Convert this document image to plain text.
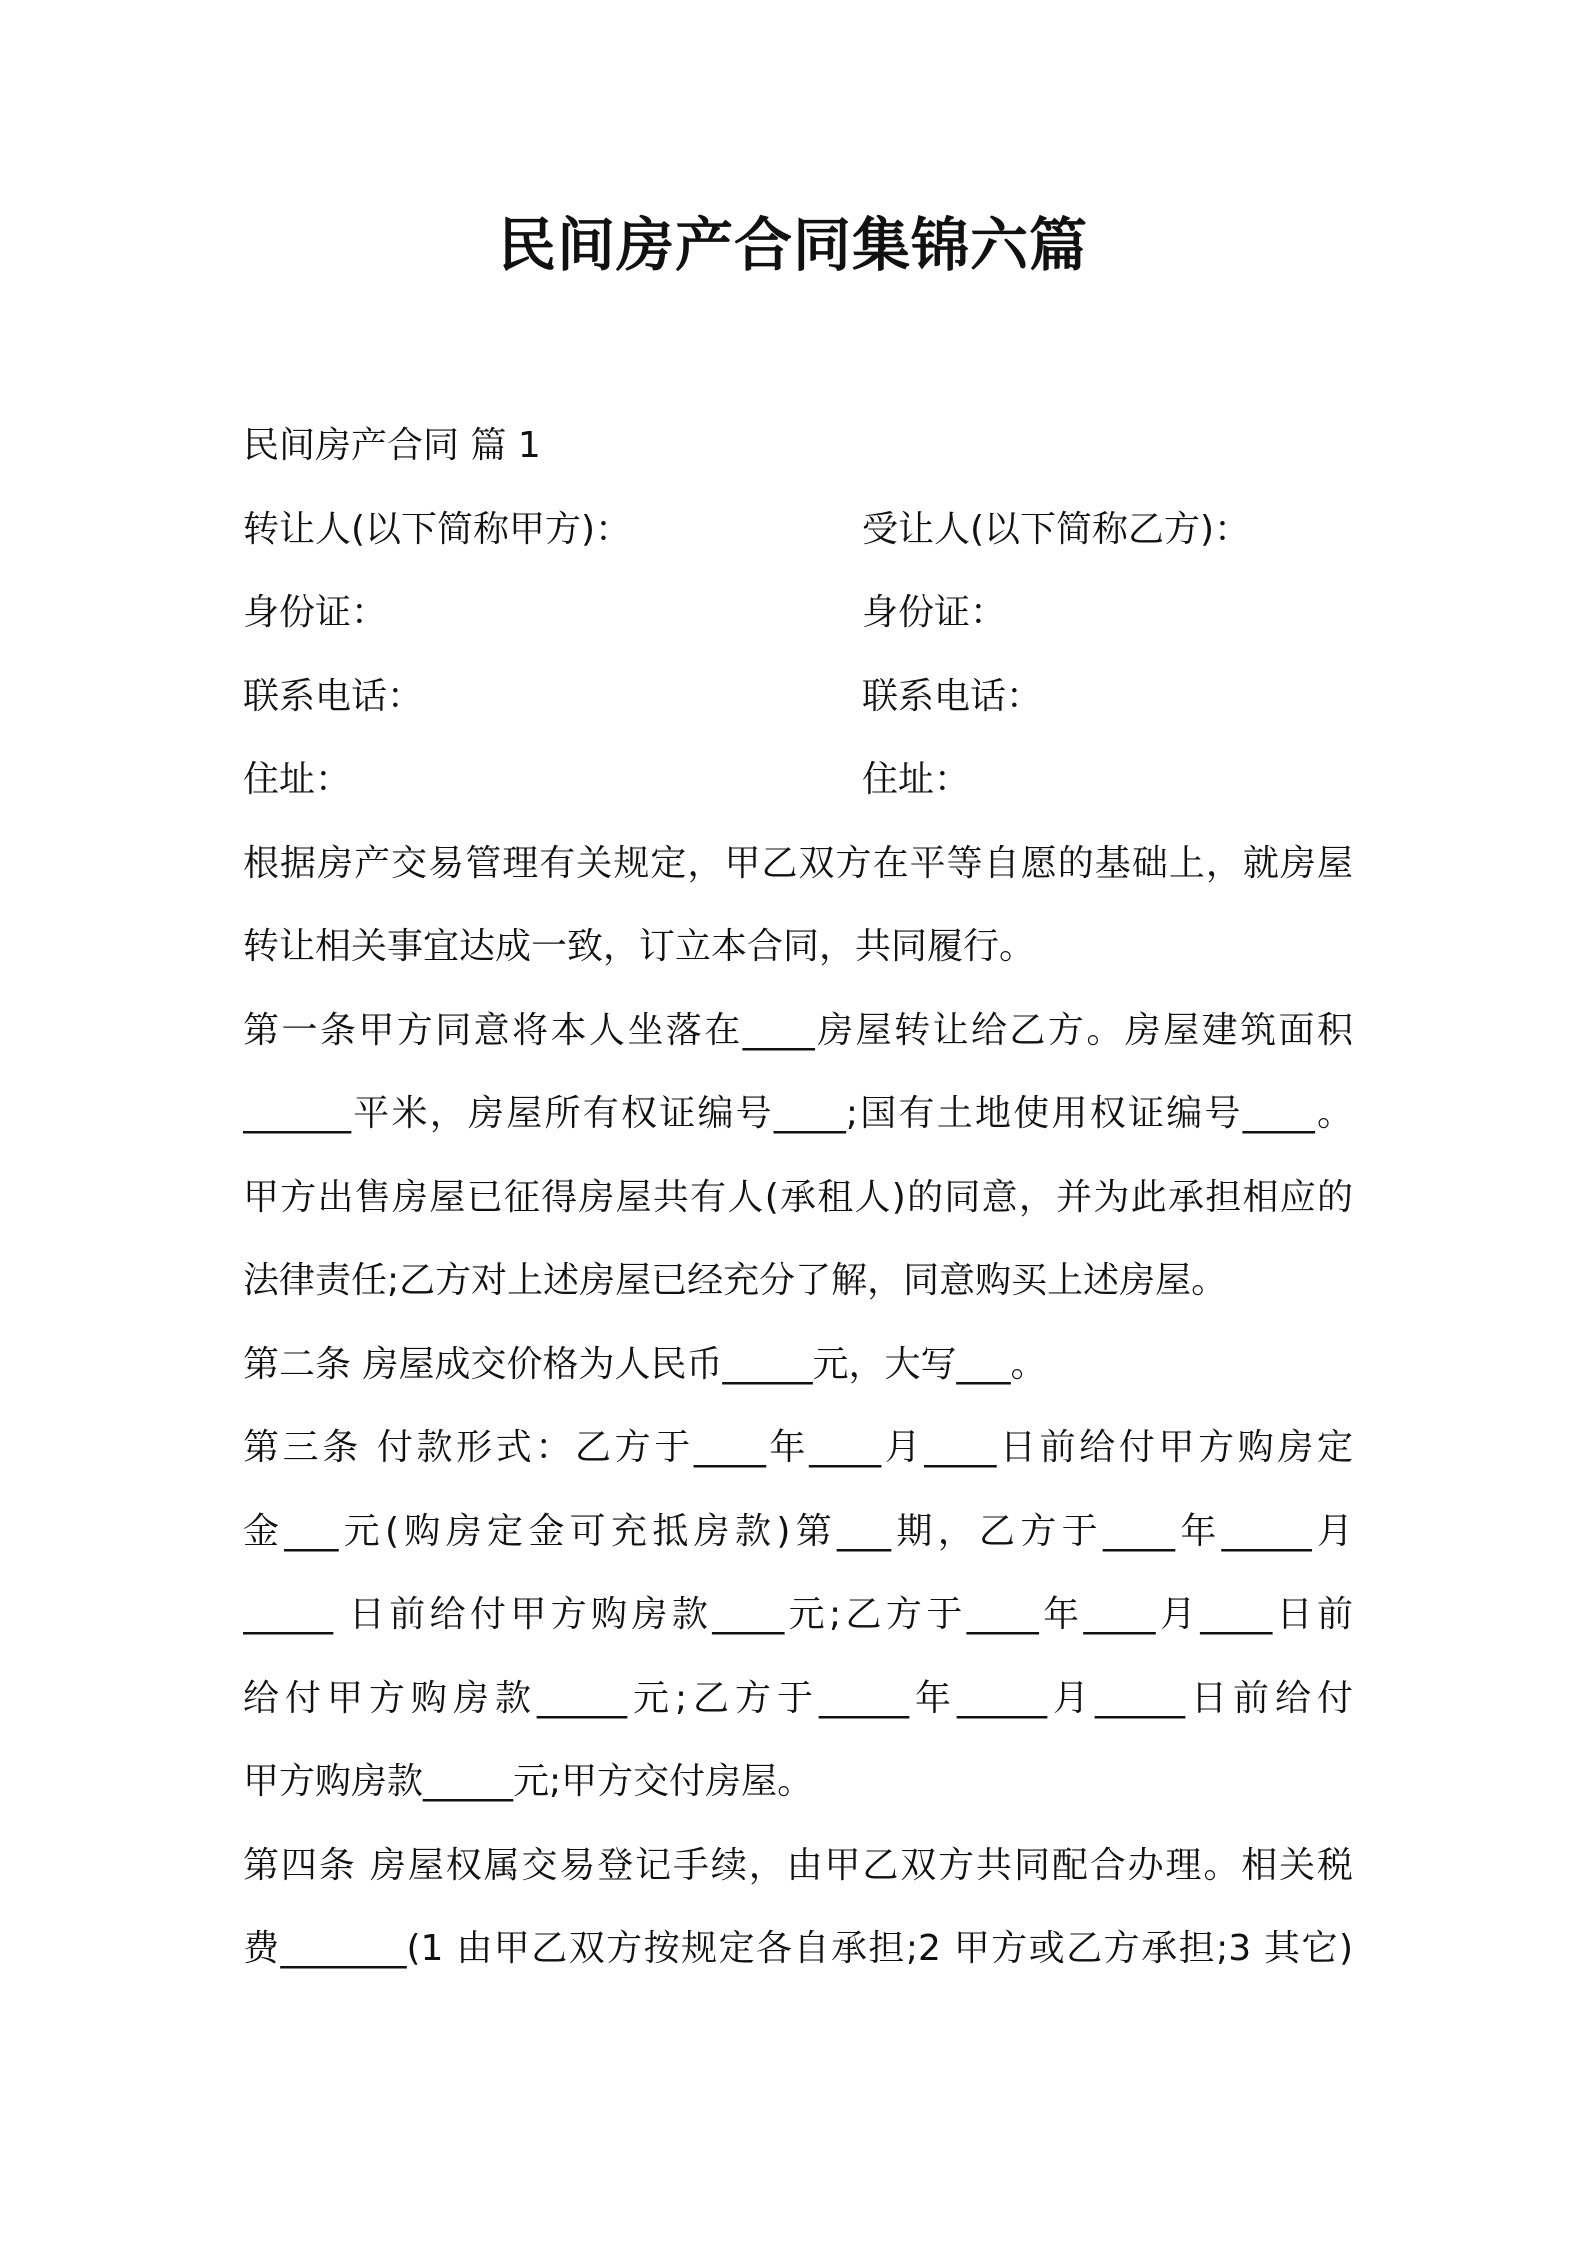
民间房产合同集锦六篇
民间房产合同 篇 1
转让人(以下简称甲方)：	受让人(以下简称乙方)：
身份证：	身份证：
联系电话：	联系电话：
住址：	住址：
根据房产交易管理有关规定，甲乙双方在平等自愿的基础上，就房屋
转让相关事宜达成一致，订立本合同，共同履行。
第一条甲方同意将本人坐落在____房屋转让给乙方。房屋建筑面积
______平米，房屋所有权证编号____;国有土地使用权证编号____。
甲方出售房屋已征得房屋共有人(承租人)的同意，并为此承担相应的
法律责任;乙方对上述房屋已经充分了解，同意购买上述房屋。
第二条 房屋成交价格为人民币_____元，大写___。
第三条 付款形式：乙方于____年____月____日前给付甲方购房定
金___元(购房定金可充抵房款)第___期，乙方于____年_____月
_____ 日前给付甲方购房款____元;乙方于____年____月____日前
给付甲方购房款_____元;乙方于_____年_____月_____日前给付
甲方购房款_____元;甲方交付房屋。
第四条 房屋权属交易登记手续，由甲乙双方共同配合办理。相关税
费_______(1 由甲乙双方按规定各自承担;2 甲方或乙方承担;3 其它)
